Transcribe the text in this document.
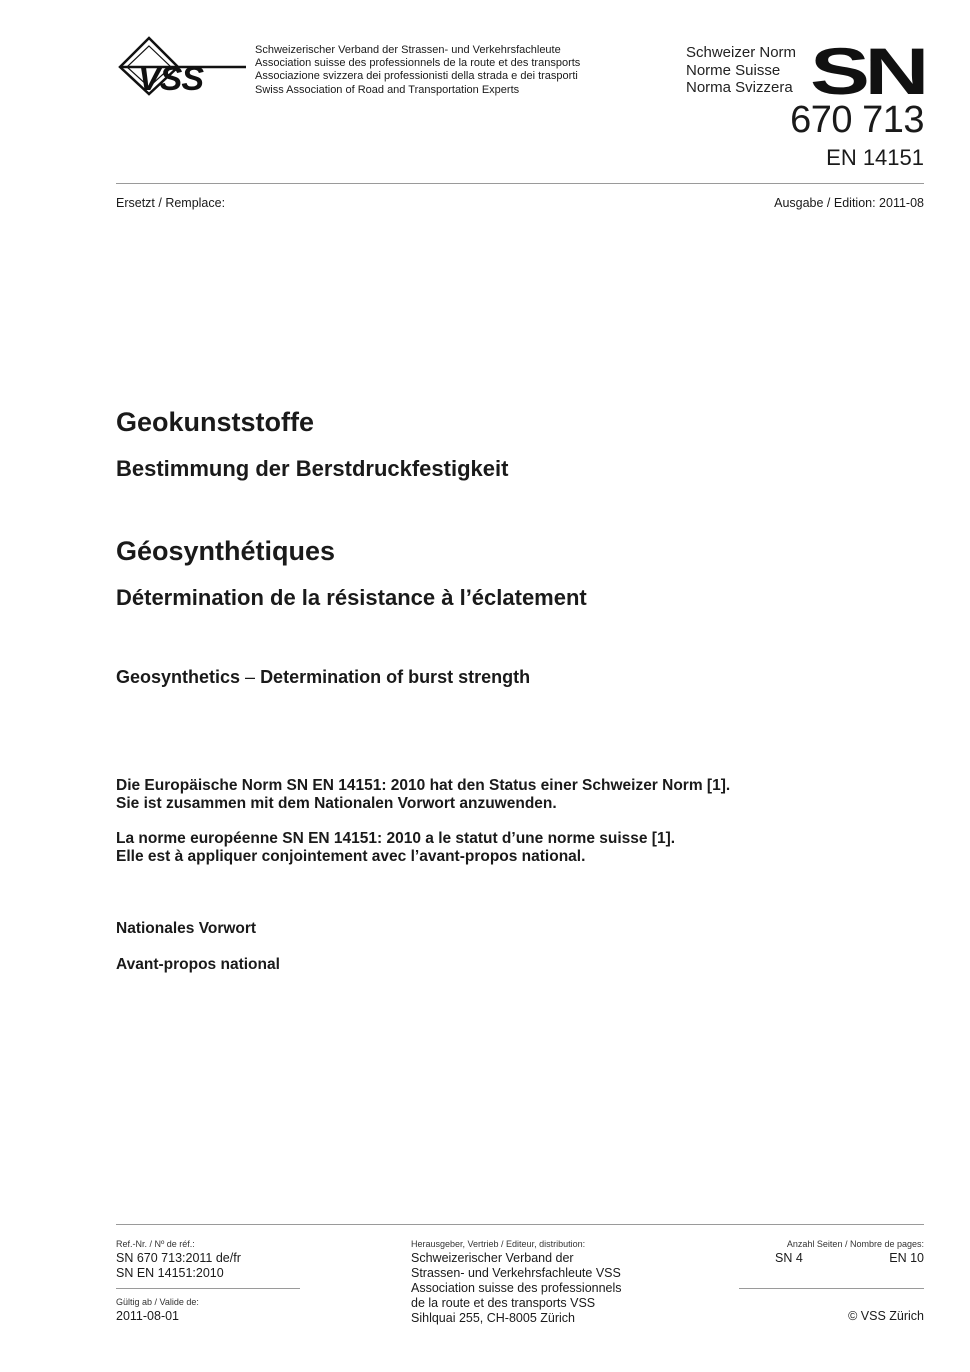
VSS
Schweizerischer Verband der Strassen- und Verkehrsfachleute
Association suisse des professionnels de la route et des transports
Associazione svizzera dei professionisti della strada e dei trasporti
Swiss Association of Road and Transportation Experts
Schweizer Norm
Norme Suisse
Norma Svizzera SN
670 713
EN 14151
Ersetzt / Remplace:	Ausgabe / Edition: 2011-08
Geokunststoffe
Bestimmung der Berstdruckfestigkeit
Géosynthétiques
Détermination de la résistance à l’éclatement
Geosynthetics – Determination of burst strength
Die Europäische Norm SN EN 14151: 2010 hat den Status einer Schweizer Norm [1].
Sie ist zusammen mit dem Nationalen Vorwort anzuwenden.
La norme européenne SN EN 14151: 2010 a le statut d’une norme suisse [1].
Elle est à appliquer conjointement avec l’avant-propos national.
Nationales Vorwort
Avant-propos national
Ref.-Nr. / Nº de réf.:
SN 670 713:2011 de/fr
SN EN 14151:2010
Gültig ab / Valide de:
2011-08-01
Herausgeber, Vertrieb / Editeur, distribution:
Schweizerischer Verband der
Strassen- und Verkehrsfachleute VSS
Association suisse des professionnels
de la route et des transports VSS
Sihlquai 255, CH-8005 Zürich
Anzahl Seiten / Nombre de pages:
SN 4	EN 10
© VSS Zürich
